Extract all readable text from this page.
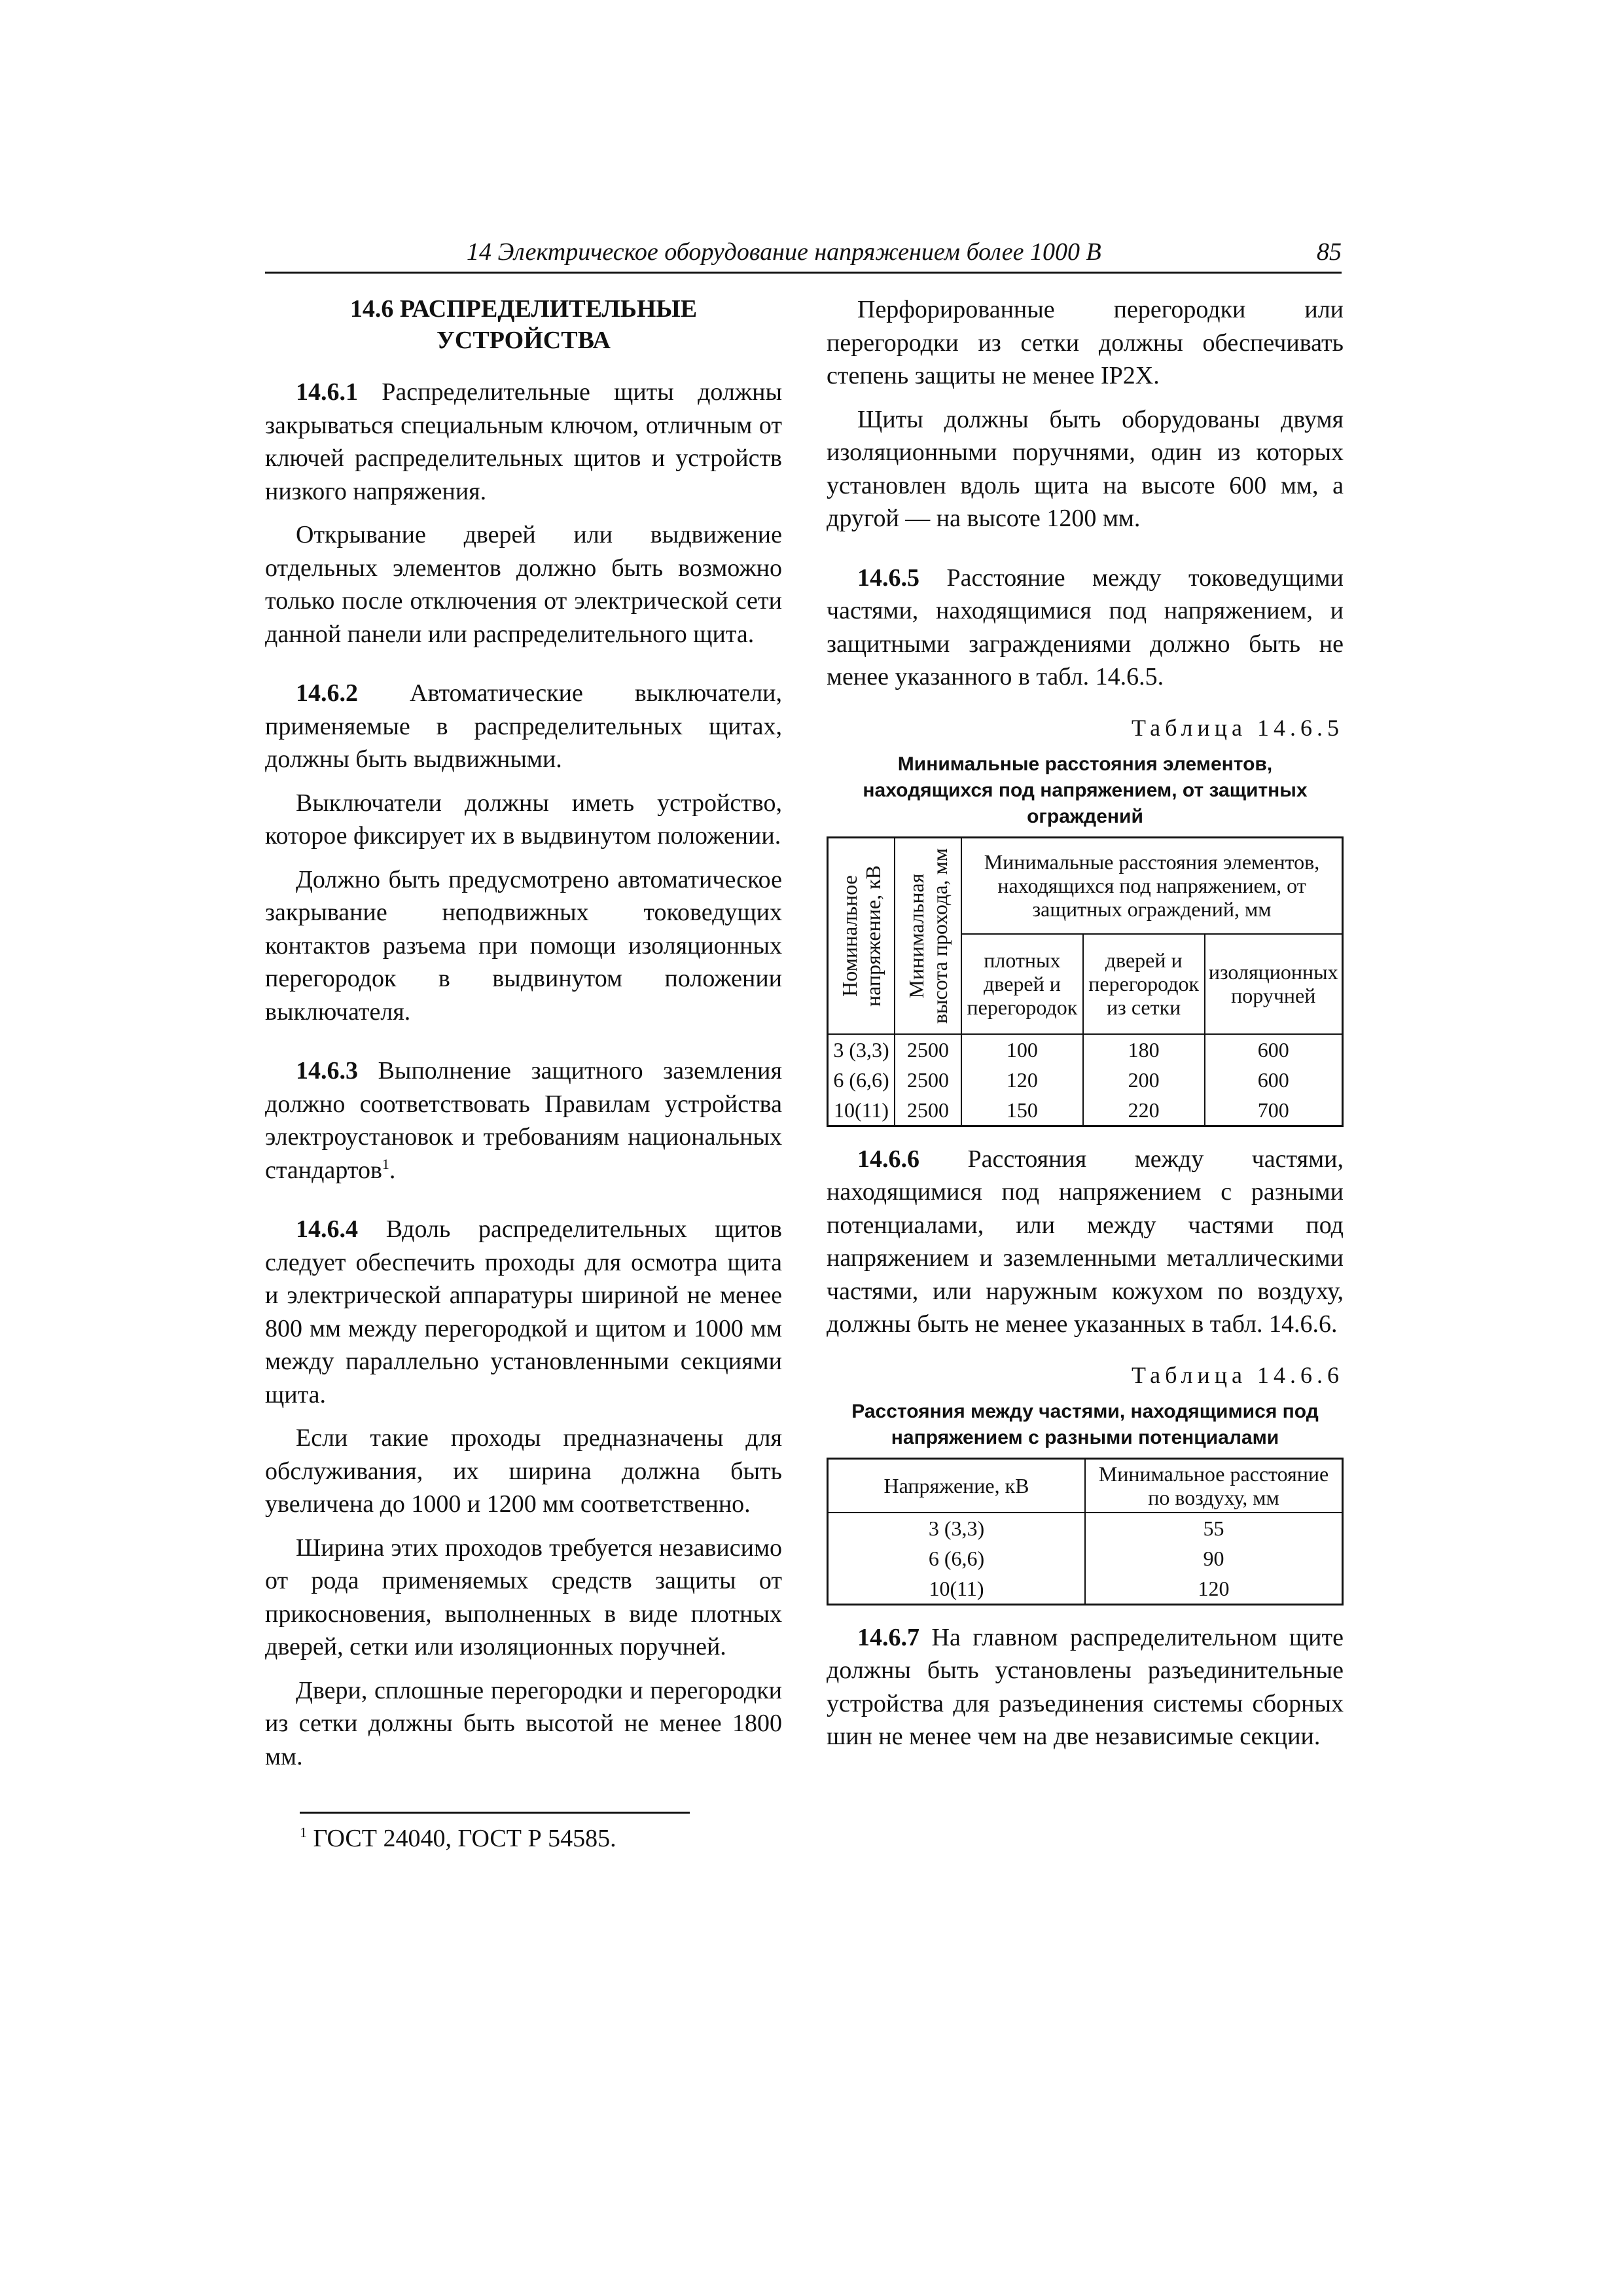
14 Электрическое оборудование напряжением более 1000 В	85
14.6 РАСПРЕДЕЛИТЕЛЬНЫЕ
УСТРОЙСТВА

14.6.1 Распределительные щиты должны закрываться специальным ключом, отличным от ключей распределительных щитов и устройств низкого напряжения.

Открывание дверей или выдвижение отдельных элементов должно быть возможно только после отключения от электрической сети данной панели или распределительного щита.

14.6.2 Автоматические выключатели, применяемые в распределительных щитах, должны быть выдвижными.

Выключатели должны иметь устройство, которое фиксирует их в выдвинутом положении.

Должно быть предусмотрено автоматическое закрывание неподвижных токоведущих контактов разъема при помощи изоляционных перегородок в выдвинутом положении выключателя.

14.6.3 Выполнение защитного заземления должно соответствовать Правилам устройства электроустановок и требованиям национальных стандартов$^1$.

14.6.4 Вдоль распределительных щитов следует обеспечить проходы для осмотра щита и электрической аппаратуры шириной не менее 800 мм между перегородкой и щитом и 1000 мм между параллельно установленными секциями щита.

Если такие проходы предназначены для обслуживания, их ширина должна быть увеличена до 1000 и 1200 мм соответственно.

Ширина этих проходов требуется независимо от рода применяемых средств защиты от прикосновения, выполненных в виде плотных дверей, сетки или изоляционных поручней.

Двери, сплошные перегородки и перегородки из сетки должны быть высотой не менее 1800 мм.

Перфорированные перегородки или перегородки из сетки должны обеспечивать степень защиты не менее IP2X.

Щиты должны быть оборудованы двумя изоляционными поручнями, один из которых установлен вдоль щита на высоте 600 мм, а другой — на высоте 1200 мм.

14.6.5 Расстояние между токоведущими частями, находящимися под напряжением, и защитными заграждениями должно быть не менее указанного в табл. 14.6.5.

Таблица 14.6.5
Минимальные расстояния элементов, находящихся под напряжением, от защитных ограждений
Номинальное напряжение, кВ	Минимальная высота прохода, мм	Минимальные расстояния элементов, находящихся под напряжением, от защитных ограждений, мм		
		плотных дверей и перегородок	дверей и перегородок из сетки	изоляционных поручней
3 (3,3)	2500	100	180	600
6 (6,6)	2500	120	200	600
10(11)	2500	150	220	700

14.6.6 Расстояния между частями, находящимися под напряжением с разными потенциалами, или между частями под напряжением и заземленными металлическими частями, или наружным кожухом по воздуху, должны быть не менее указанных в табл. 14.6.6.

Таблица 14.6.6
Расстояния между частями, находящимися под напряжением с разными потенциалами
Напряжение, кВ	Минимальное расстояние по воздуху, мм
3 (3,3)	55
6 (6,6)	90
10(11)	120

14.6.7 На главном распределительном щите должны быть установлены разъединительные устройства для разъединения системы сборных шин не менее чем на две независимые секции.

$^1$ ГОСТ 24040, ГОСТ Р 54585.
